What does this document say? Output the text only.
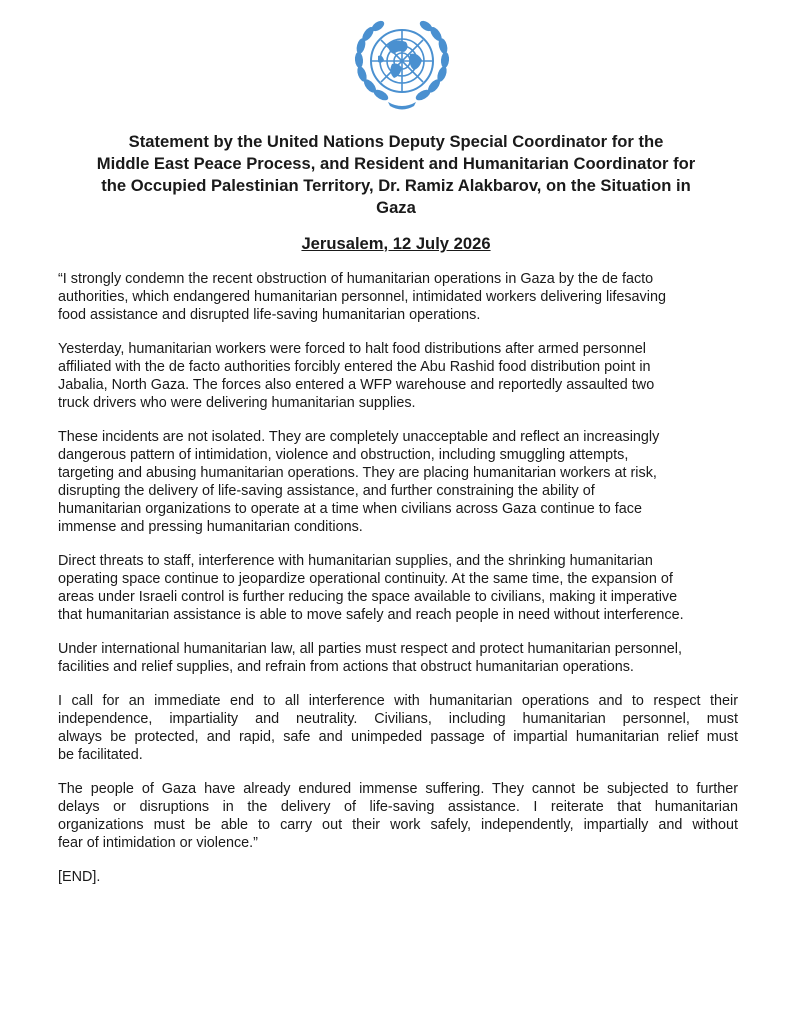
Statement by the United Nations Deputy Special Coordinator for the
Middle East Peace Process, and Resident and Humanitarian Coordinator for
the Occupied Palestinian Territory, Dr. Ramiz Alakbarov, on the Situation in
Gaza
Jerusalem, 12 July 2026

“I strongly condemn the recent obstruction of humanitarian operations in Gaza by the de facto
authorities, which endangered humanitarian personnel, intimidated workers delivering lifesaving
food assistance and disrupted life-saving humanitarian operations.

Yesterday, humanitarian workers were forced to halt food distributions after armed personnel
affiliated with the de facto authorities forcibly entered the Abu Rashid food distribution point in
Jabalia, North Gaza. The forces also entered a WFP warehouse and reportedly assaulted two
truck drivers who were delivering humanitarian supplies.

These incidents are not isolated. They are completely unacceptable and reflect an increasingly
dangerous pattern of intimidation, violence and obstruction, including smuggling attempts,
targeting and abusing humanitarian operations. They are placing humanitarian workers at risk,
disrupting the delivery of life-saving assistance, and further constraining the ability of
humanitarian organizations to operate at a time when civilians across Gaza continue to face
immense and pressing humanitarian conditions.

Direct threats to staff, interference with humanitarian supplies, and the shrinking humanitarian
operating space continue to jeopardize operational continuity. At the same time, the expansion of
areas under Israeli control is further reducing the space available to civilians, making it imperative
that humanitarian assistance is able to move safely and reach people in need without interference.

Under international humanitarian law, all parties must respect and protect humanitarian personnel,
facilities and relief supplies, and refrain from actions that obstruct humanitarian operations.

I call for an immediate end to all interference with humanitarian operations and to respect their
independence, impartiality and neutrality. Civilians, including humanitarian personnel, must
always be protected, and rapid, safe and unimpeded passage of impartial humanitarian relief must
be facilitated.

The people of Gaza have already endured immense suffering. They cannot be subjected to further
delays or disruptions in the delivery of life-saving assistance. I reiterate that humanitarian
organizations must be able to carry out their work safely, independently, impartially and without
fear of intimidation or violence.”

[END].
